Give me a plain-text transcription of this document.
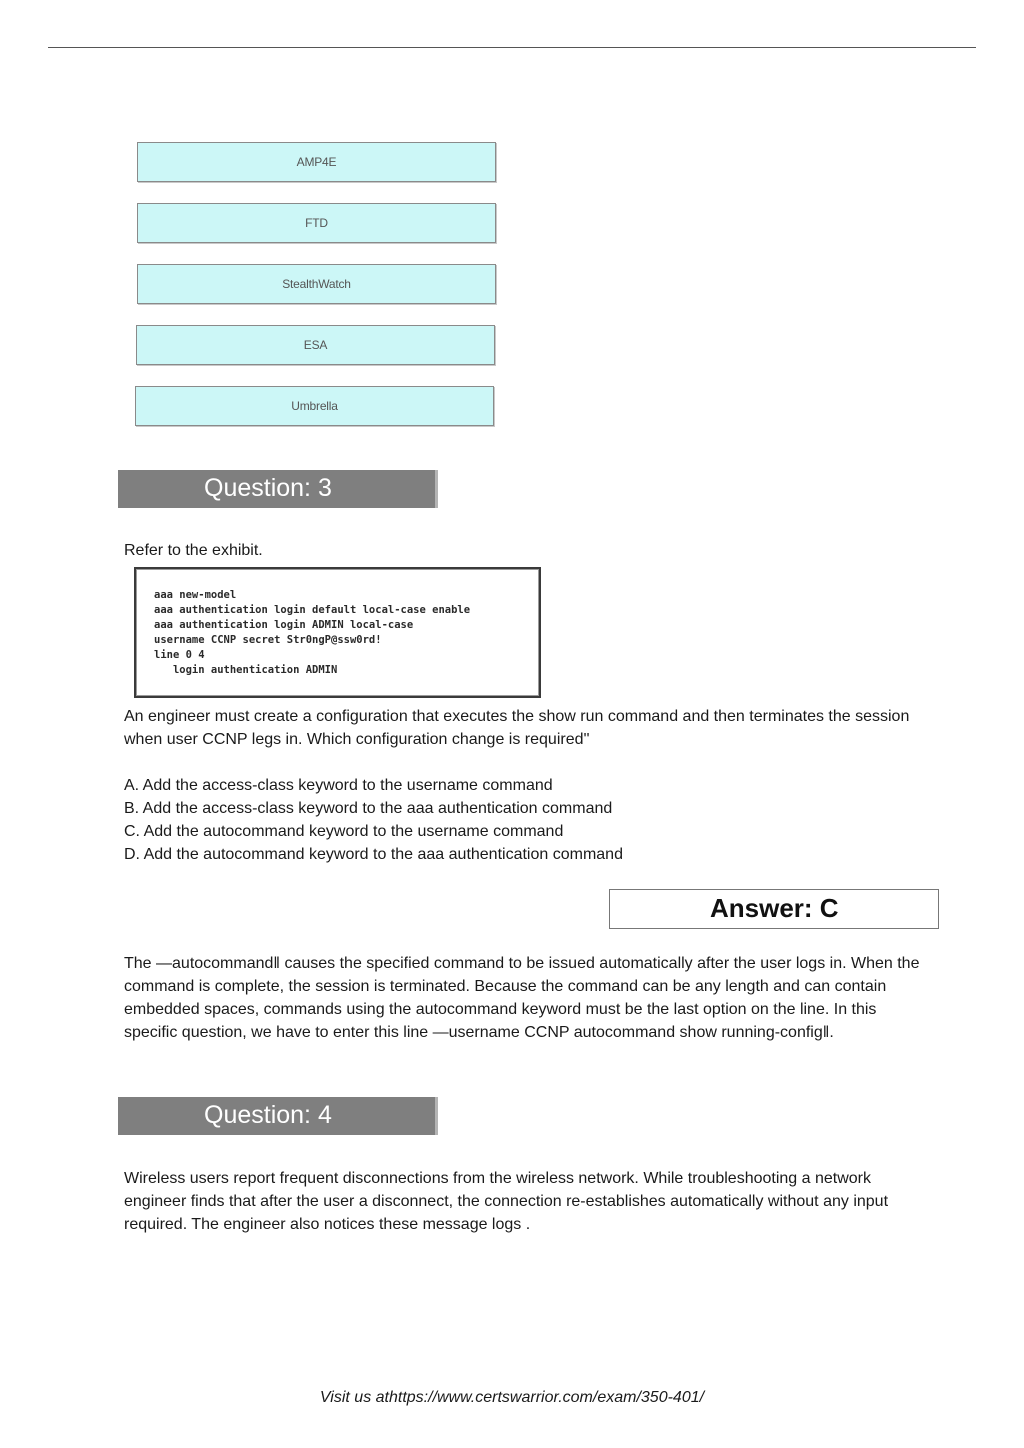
AMP4E
FTD
StealthWatch
ESA
Umbrella
Question: 3

Refer to the exhibit.

aaa new-model
aaa authentication login default local-case enable
aaa authentication login ADMIN local-case
username CCNP secret Str0ngP@ssw0rd!
line 0 4
login authentication ADMIN

An engineer must create a configuration that executes the show run command and then terminates the session when user CCNP legs in. Which configuration change is required''

A. Add the access-class keyword to the username command
B. Add the access-class keyword to the aaa authentication command
C. Add the autocommand keyword to the username command
D. Add the autocommand keyword to the aaa authentication command
Answer: C

The ―autocommand‖ causes the specified command to be issued automatically after the user logs in. When the command is complete, the session is terminated. Because the command can be any length and can contain embedded spaces, commands using the autocommand keyword must be the last option on the line. In this specific question, we have to enter this line ―username CCNP autocommand show running-config‖.

Question: 4

Wireless users report frequent disconnections from the wireless network. While troubleshooting a network engineer finds that after the user a disconnect, the connection re-establishes automatically without any input required. The engineer also notices these message logs .

Visit us athttps://www.certswarrior.com/exam/350-401/
